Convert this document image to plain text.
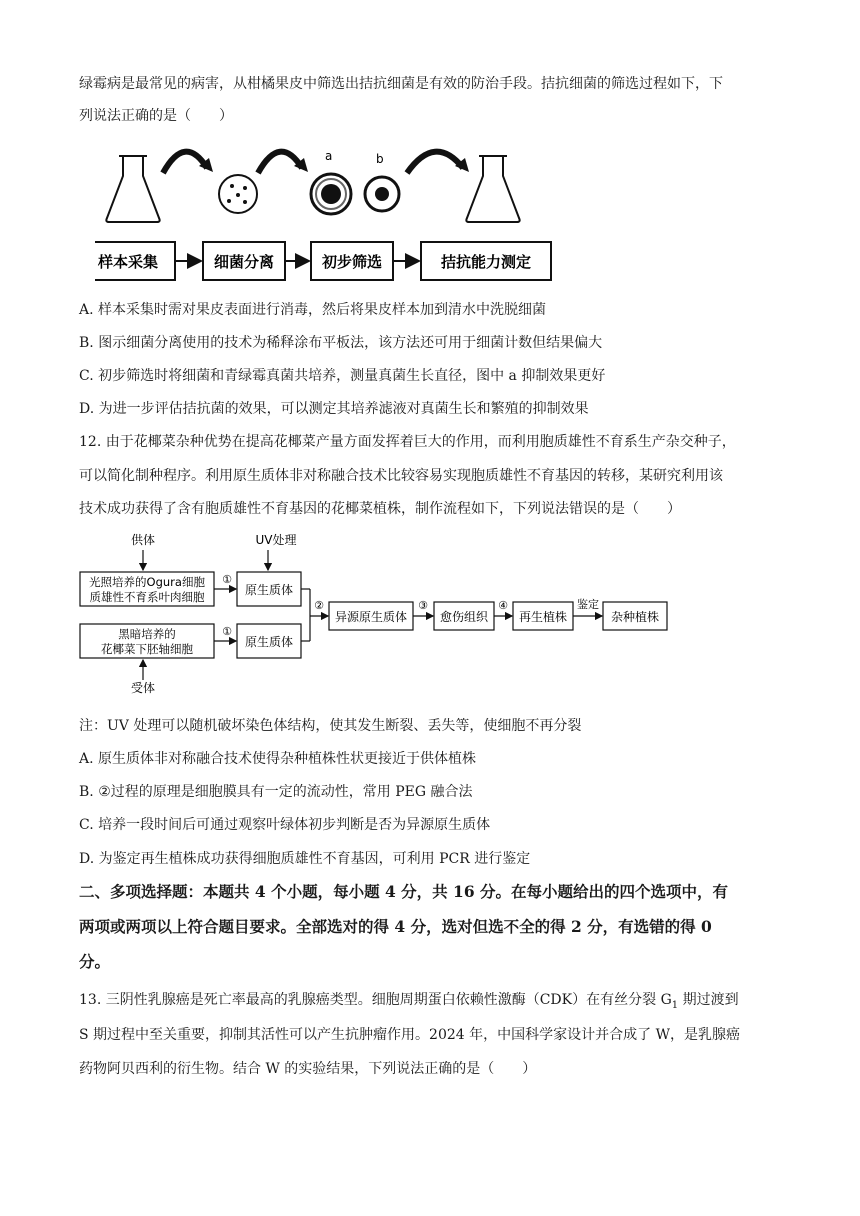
绿霉病是最常见的病害，从柑橘果皮中筛选出拮抗细菌是有效的防治手段。拮抗细菌的筛选过程如下，下
列说法正确的是（　　）
a	b
样本采集	细菌分离	初步筛选	拮抗能力测定
A. 样本采集时需对果皮表面进行消毒，然后将果皮样本加到清水中洗脱细菌
B. 图示细菌分离使用的技术为稀释涂布平板法，该方法还可用于细菌计数但结果偏大
C. 初步筛选时将细菌和青绿霉真菌共培养，测量真菌生长直径，图中 a 抑制效果更好
D. 为进一步评估拮抗菌的效果，可以测定其培养滤液对真菌生长和繁殖的抑制效果
12. 由于花椰菜杂种优势在提高花椰菜产量方面发挥着巨大的作用，而利用胞质雄性不育系生产杂交种子，
可以简化制种程序。利用原生质体非对称融合技术比较容易实现胞质雄性不育基因的转移，某研究利用该
技术成功获得了含有胞质雄性不育基因的花椰菜植株，制作流程如下，下列说法错误的是（　　）
供体	UV处理
光照培养的Ogura细胞
质雄性不育系叶肉细胞
①
原生质体
黑暗培养的
花椰菜下胚轴细胞
①
原生质体
受体
②
异源原生质体
③
愈伤组织
④
再生植株
鉴定
杂种植株
注：UV 处理可以随机破坏染色体结构，使其发生断裂、丢失等，使细胞不再分裂
A. 原生质体非对称融合技术使得杂种植株性状更接近于供体植株
B. ②过程的原理是细胞膜具有一定的流动性，常用 PEG 融合法
C. 培养一段时间后可通过观察叶绿体初步判断是否为异源原生质体
D. 为鉴定再生植株成功获得细胞质雄性不育基因，可利用 PCR 进行鉴定
二、多项选择题：本题共 4 个小题，每小题 4 分，共 16 分。在每小题给出的四个选项中，有
两项或两项以上符合题目要求。全部选对的得 4 分，选对但选不全的得 2 分，有选错的得 0
分。
13. 三阴性乳腺癌是死亡率最高的乳腺癌类型。细胞周期蛋白依赖性激酶（CDK）在有丝分裂 $G_1$ 期过渡到
S 期过程中至关重要，抑制其活性可以产生抗肿瘤作用。2024 年，中国科学家设计并合成了 W，是乳腺癌
药物阿贝西利的衍生物。结合 W 的实验结果，下列说法正确的是（　　）
